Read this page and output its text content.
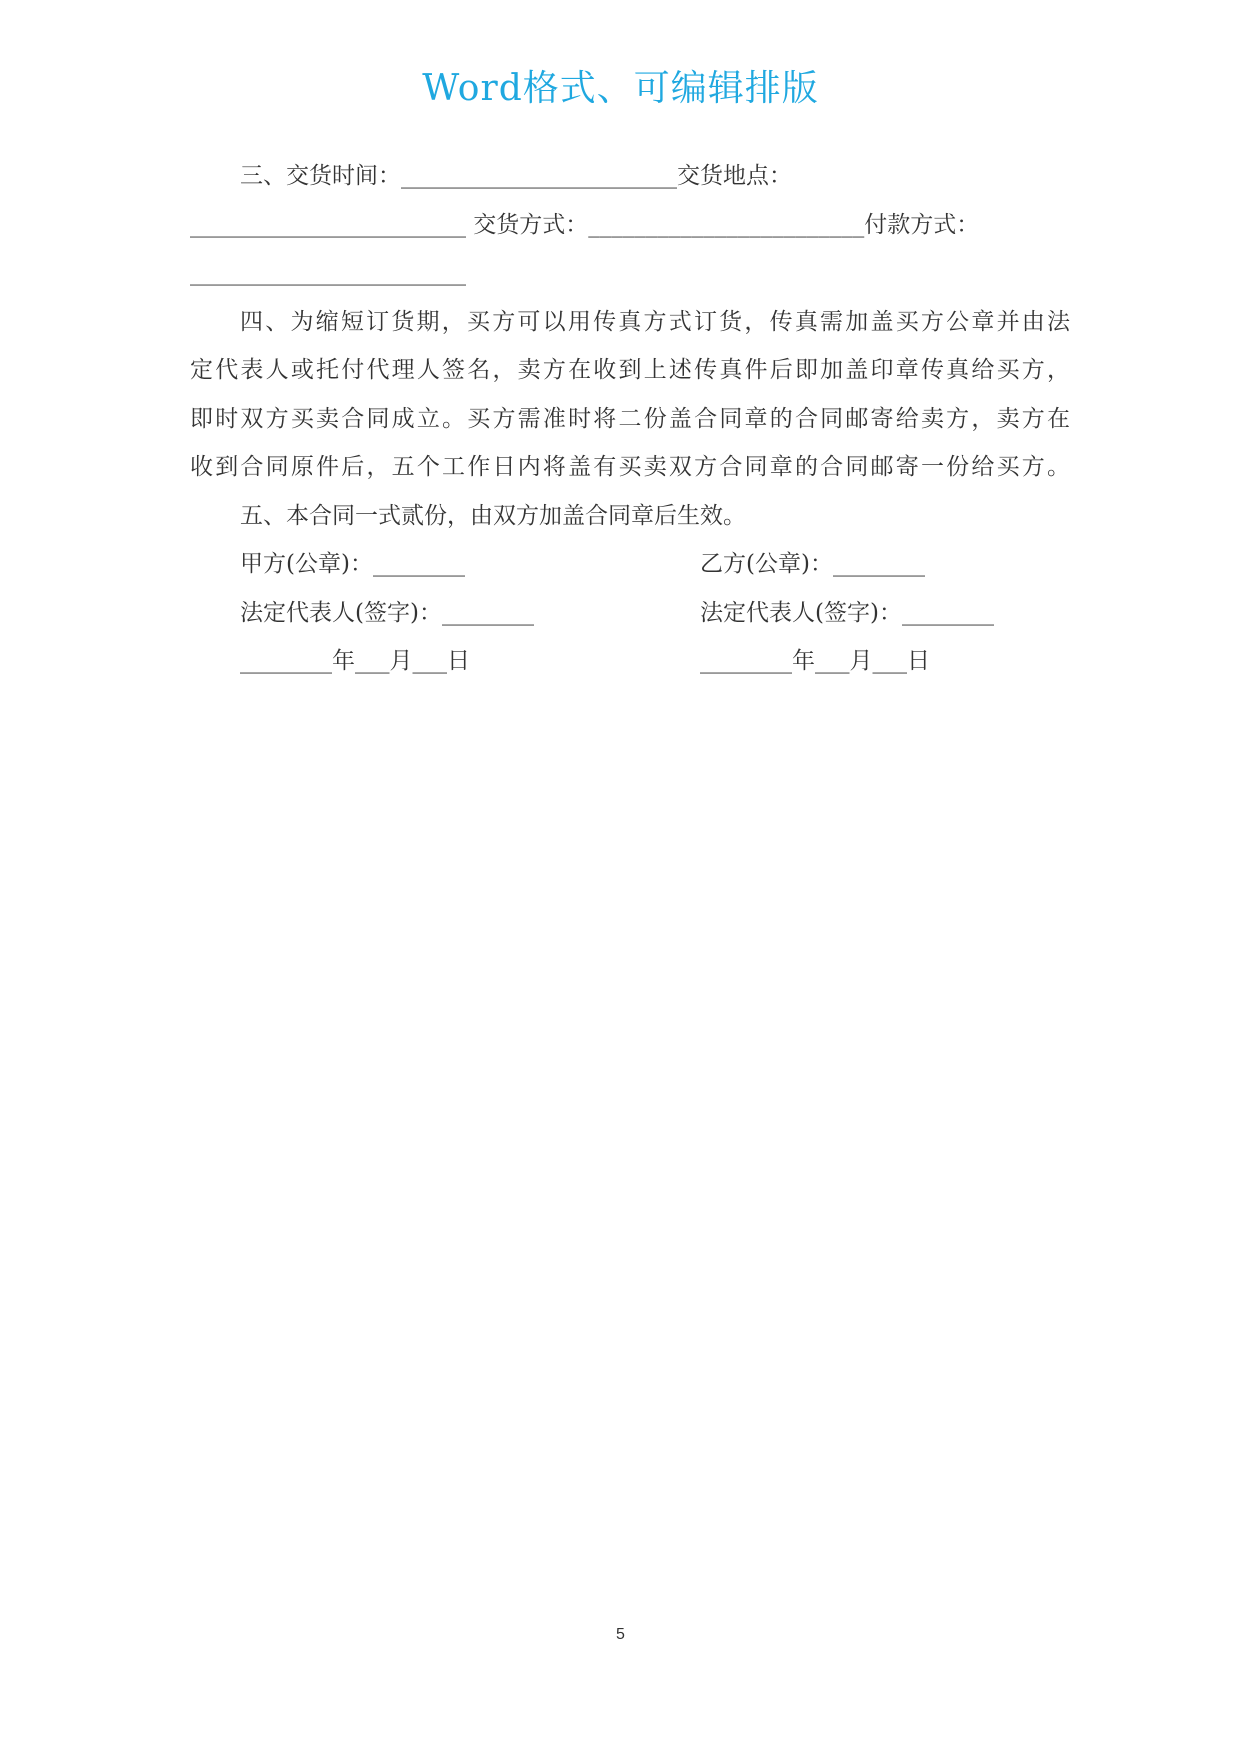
Word格式、可编辑排版

三、交货时间：________________________交货地点：

________________________ 交货方式：________________________付款方式：

________________________

四、为缩短订货期，买方可以用传真方式订货，传真需加盖买方公章并由法

定代表人或托付代理人签名，卖方在收到上述传真件后即加盖印章传真给买方，

即时双方买卖合同成立。买方需准时将二份盖合同章的合同邮寄给卖方，卖方在

收到合同原件后，五个工作日内将盖有买卖双方合同章的合同邮寄一份给买方。

五、本合同一式贰份，由双方加盖合同章后生效。

甲方(公章)：________	乙方(公章)：________
法定代表人(签字)：________	法定代表人(签字)：________
________年___月___日	________年___月___日
5
